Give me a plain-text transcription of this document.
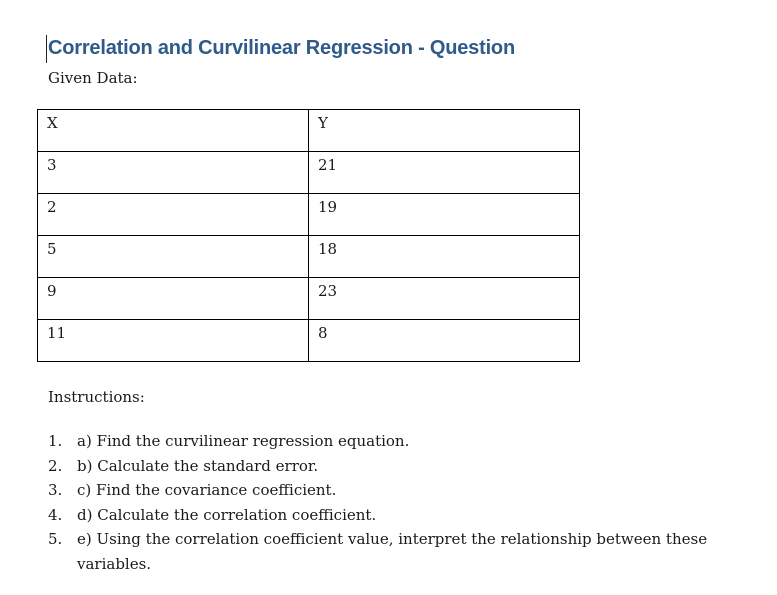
Correlation and Curvilinear Regression - Question
Given Data:
X	Y
3	21
2	19
5	18
9	23
11	8
Instructions:
1. a) Find the curvilinear regression equation.
2. b) Calculate the standard error.
3. c) Find the covariance coefficient.
4. d) Calculate the correlation coefficient.
5. e) Using the correlation coefficient value, interpret the relationship between these variables.
